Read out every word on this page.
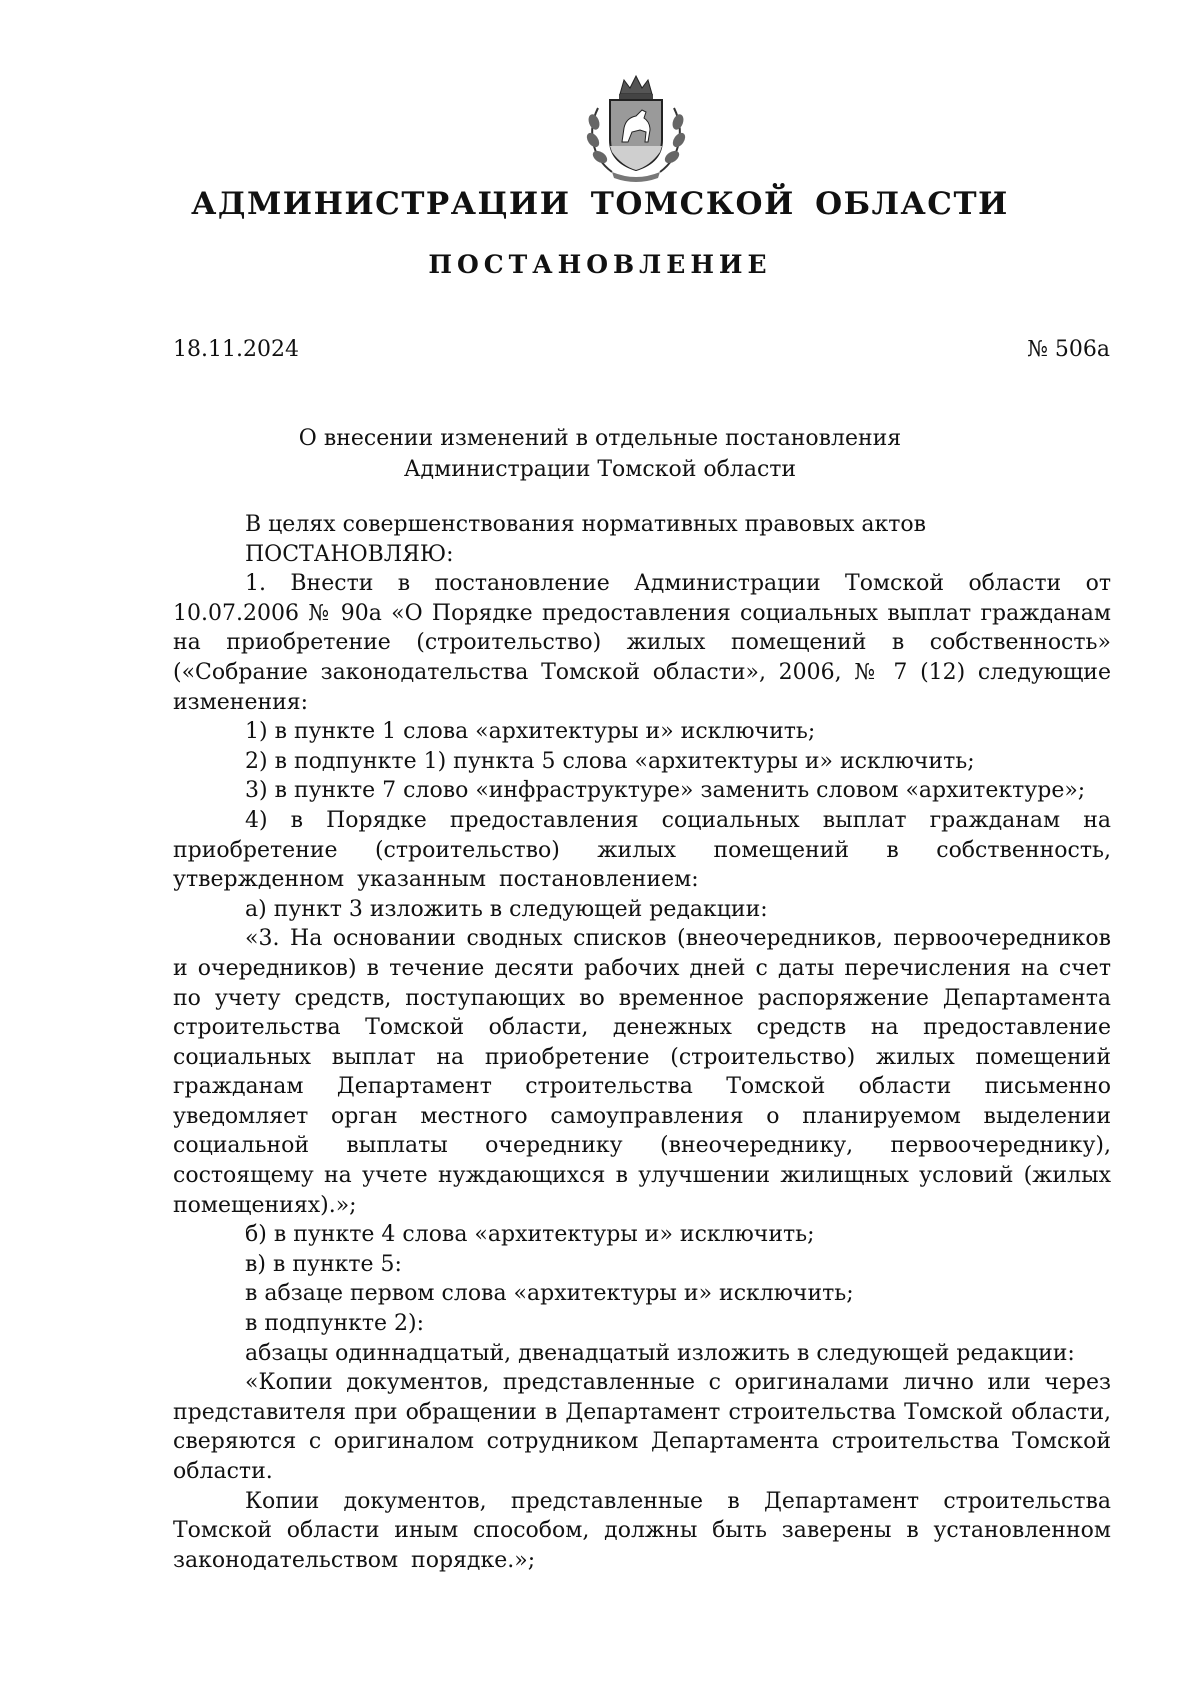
АДМИНИСТРАЦИИ ТОМСКОЙ ОБЛАСТИ
ПОСТАНОВЛЕНИЕ
18.11.2024	№ 506а
О внесении изменений в отдельные постановления
Администрации Томской области

В целях совершенствования нормативных правовых актов

ПОСТАНОВЛЯЮ:

1. Внести в постановление Администрации Томской области от 10.07.2006 № 90а «О Порядке предоставления социальных выплат гражданам на приобретение (строительство) жилых помещений в собственность» («Собрание законодательства Томской области», 2006, № 7 (12) следующие изменения:

1) в пункте 1 слова «архитектуры и» исключить;

2) в подпункте 1) пункта 5 слова «архитектуры и» исключить;

3) в пункте 7 слово «инфраструктуре» заменить словом «архитектуре»;

4) в Порядке предоставления социальных выплат гражданам на приобретение (строительство) жилых помещений в собственность, утвержденном указанным постановлением:

а) пункт 3 изложить в следующей редакции:

«3. На основании сводных списков (внеочередников, первоочередников и очередников) в течение десяти рабочих дней с даты перечисления на счет по учету средств, поступающих во временное распоряжение Департамента строительства Томской области, денежных средств на предоставление социальных выплат на приобретение (строительство) жилых помещений гражданам Департамент строительства Томской области письменно уведомляет орган местного самоуправления о планируемом выделении социальной выплаты очереднику (внеочереднику, первоочереднику), состоящему на учете нуждающихся в улучшении жилищных условий (жилых помещениях).»;

б) в пункте 4 слова «архитектуры и» исключить;

в) в пункте 5:

в абзаце первом слова «архитектуры и» исключить;

в подпункте 2):

абзацы одиннадцатый, двенадцатый изложить в следующей редакции:

«Копии документов, представленные с оригиналами лично или через представителя при обращении в Департамент строительства Томской области, сверяются с оригиналом сотрудником Департамента строительства Томской области.

Копии документов, представленные в Департамент строительства Томской области иным способом, должны быть заверены в установленном законодательством порядке.»;
